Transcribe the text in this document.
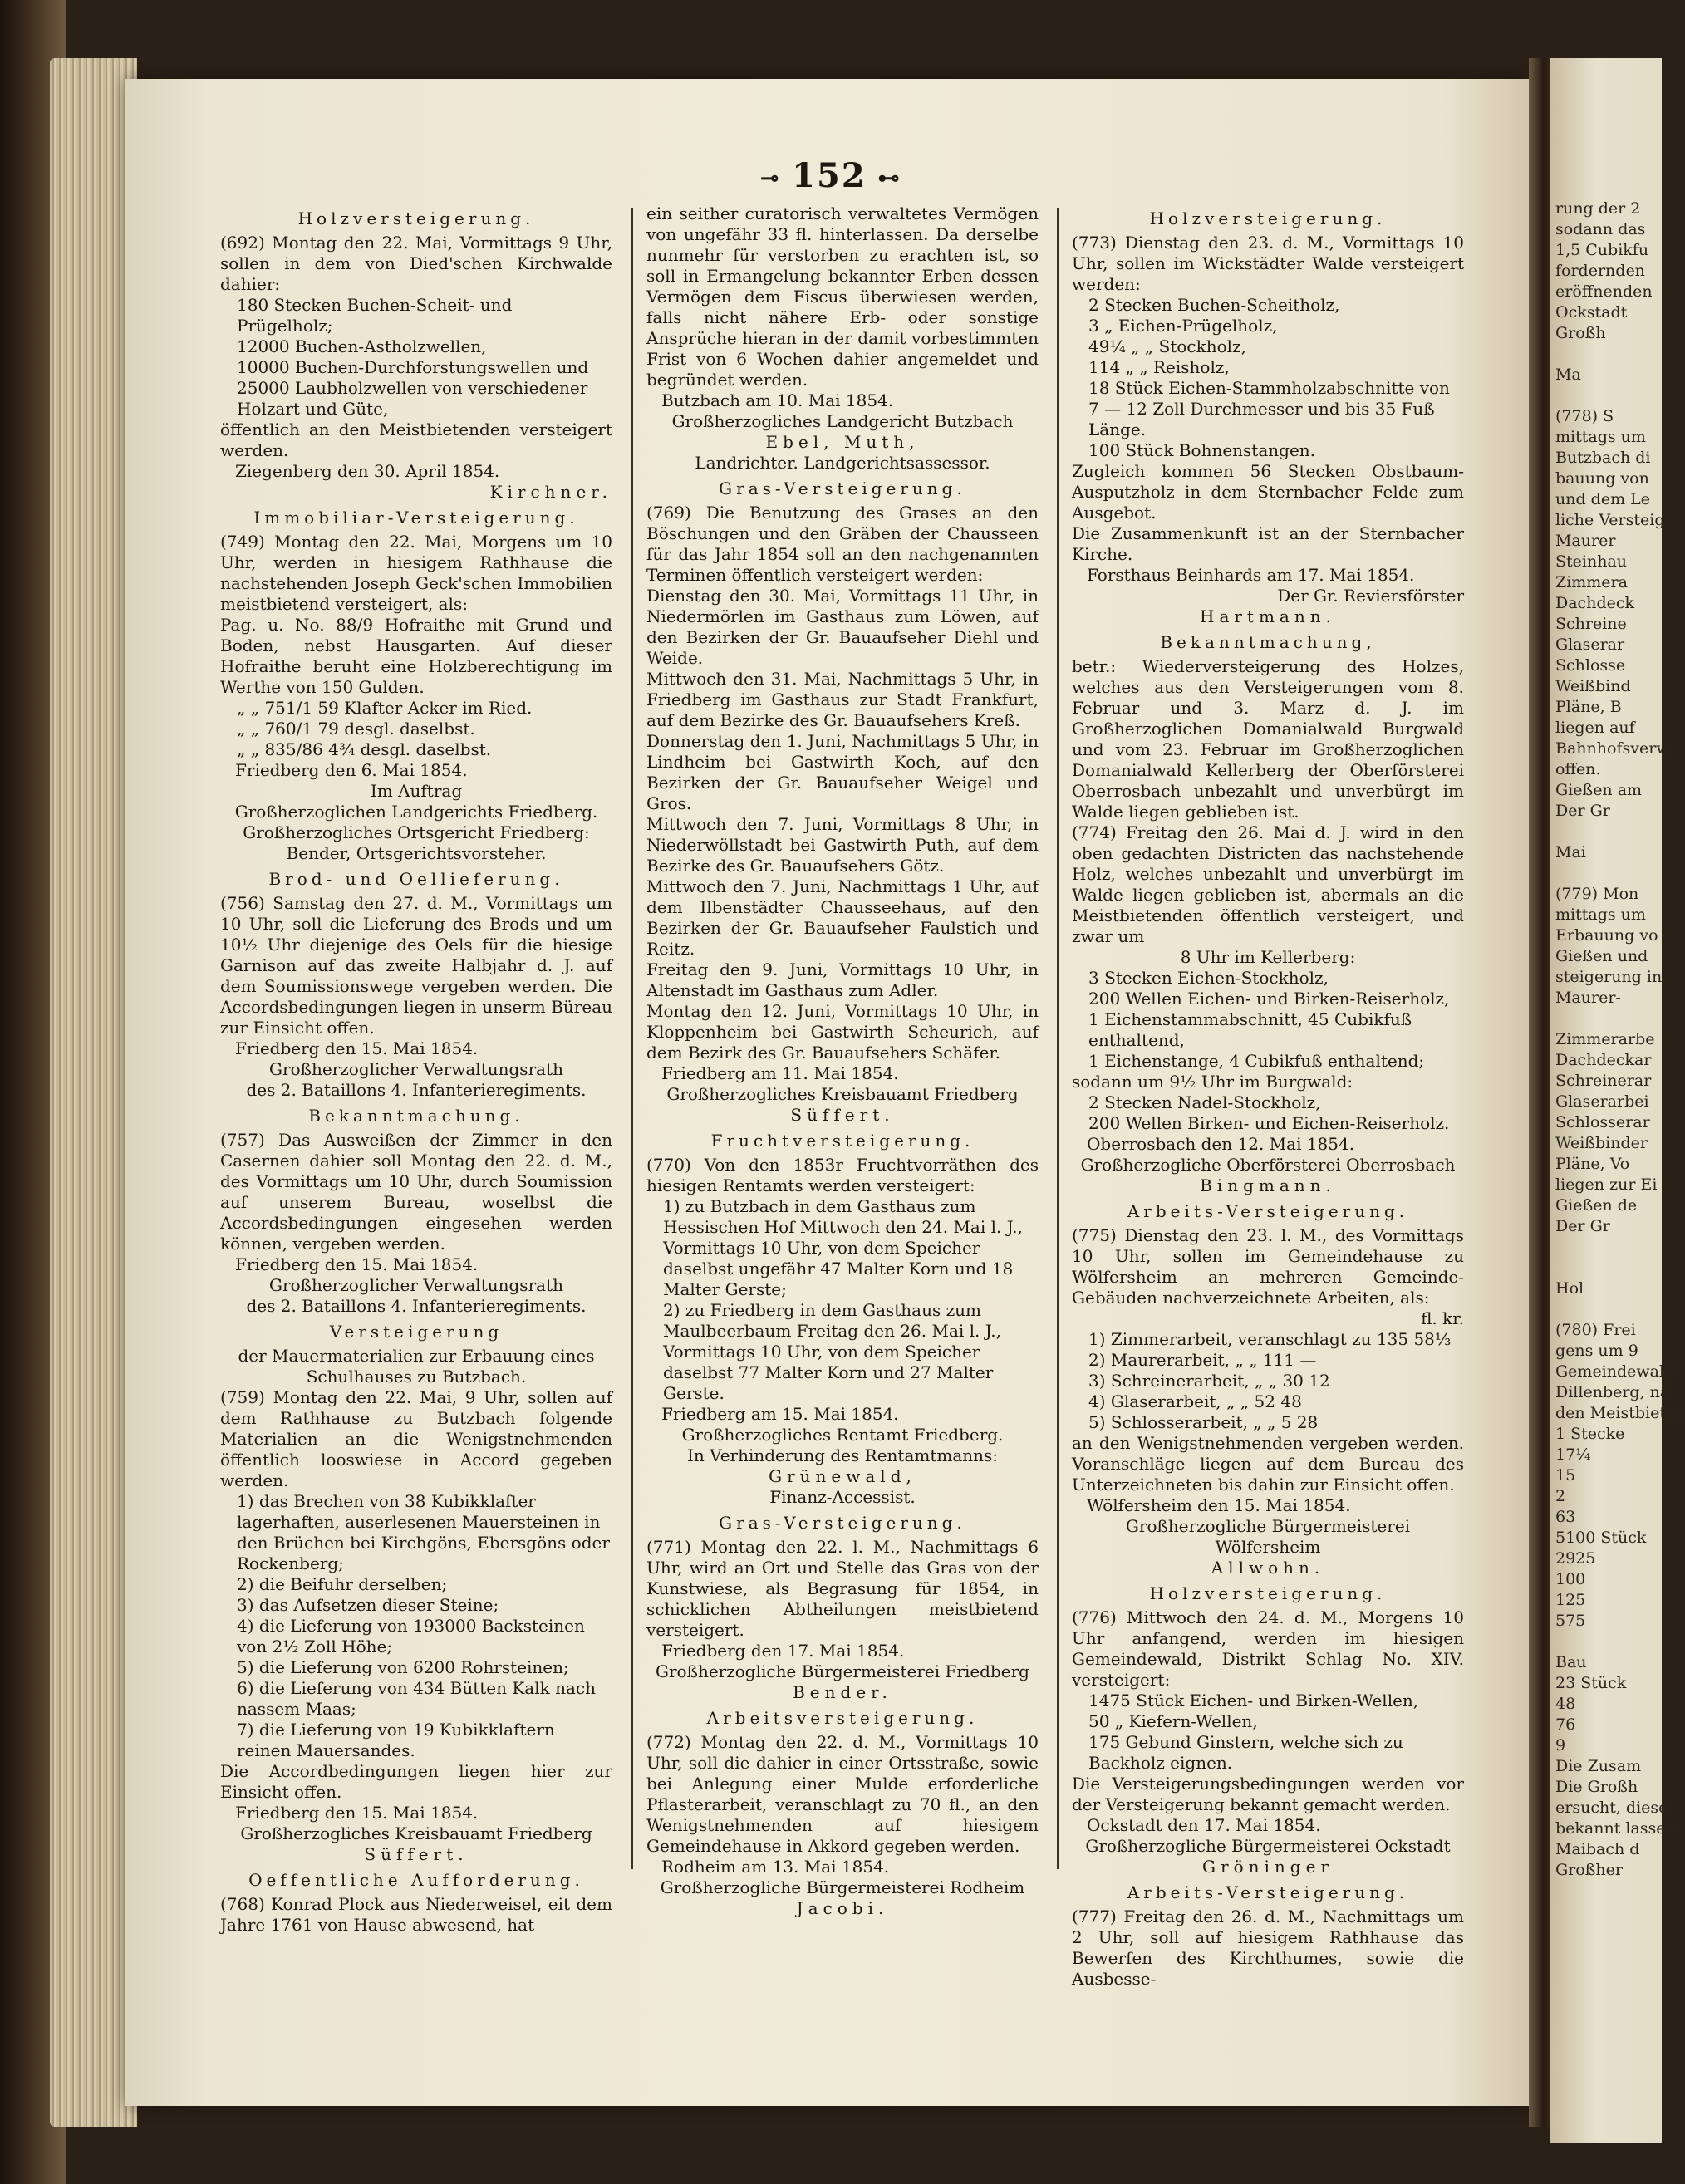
rung der 2
sodann das
1,5 Cubikfu
fordernden
eröffnenden
Ockstadt
Großh
Ma
(778) S
mittags um
Butzbach di
bauung von
und dem Le
liche Versteig
Maurer
Steinhau
Zimmera
Dachdeck
Schreine
Glaserar
Schlosse
Weißbind
Pläne, B
liegen auf
Bahnhofsverw
offen.
Gießen am
Der Gr
Mai
(779) Mon
mittags um
Erbauung vo
Gießen und
steigerung in
Maurer-
Zimmerarbe
Dachdeckar
Schreinerar
Glaserarbei
Schlosserar
Weißbinder
Pläne, Vo
liegen zur Ei
Gießen de
Der Gr
Hol
(780) Frei
gens um 9
Gemeindewald
Dillenberg, na
den Meistbieten
1 Stecke
17¼
15
2
63
5100 Stück
2925
100
125
575
Bau
23 Stück
48
76
9
Die Zusam
Die Großh
ersucht, diese
bekannt lassen
Maibach d
Großher
⊸ 152 ⊷
Holzversteigerung.

(692) Montag den 22. Mai, Vormittags 9 Uhr, sollen in dem von Died'schen Kirchwalde dahier:

180 Stecken Buchen-Scheit- und Prügelholz;

12000 Buchen-Astholzwellen,

10000 Buchen-Durchforstungswellen und

25000 Laubholzwellen von verschiedener Holzart und Güte,

öffentlich an den Meistbietenden versteigert werden.

Ziegenberg den 30. April 1854.

Kirchner.

Immobiliar-Versteigerung.

(749) Montag den 22. Mai, Morgens um 10 Uhr, werden in hiesigem Rathhause die nachstehenden Joseph Geck'schen Immobilien meistbietend versteigert, als:

Pag. u. No. 88/9 Hofraithe mit Grund und Boden, nebst Hausgarten. Auf dieser Hofraithe beruht eine Holzberechtigung im Werthe von 150 Gulden.

„ „ 751/1 59 Klafter Acker im Ried.

„ „ 760/1 79 desgl. daselbst.

„ „ 835/86 4¾ desgl. daselbst.

Friedberg den 6. Mai 1854.

Im Auftrag

Großherzoglichen Landgerichts Friedberg.

Großherzogliches Ortsgericht Friedberg:

Bender, Ortsgerichtsvorsteher.

Brod- und Oellieferung.

(756) Samstag den 27. d. M., Vormittags um 10 Uhr, soll die Lieferung des Brods und um 10½ Uhr diejenige des Oels für die hiesige Garnison auf das zweite Halbjahr d. J. auf dem Soumissionswege vergeben werden. Die Accordsbedingungen liegen in unserm Büreau zur Einsicht offen.

Friedberg den 15. Mai 1854.

Großherzoglicher Verwaltungsrath

des 2. Bataillons 4. Infanterieregiments.

Bekanntmachung.

(757) Das Ausweißen der Zimmer in den Casernen dahier soll Montag den 22. d. M., des Vormittags um 10 Uhr, durch Soumission auf unserem Bureau, woselbst die Accordsbedingungen eingesehen werden können, vergeben werden.

Friedberg den 15. Mai 1854.

Großherzoglicher Verwaltungsrath

des 2. Bataillons 4. Infanterieregiments.

Versteigerung

der Mauermaterialien zur Erbauung eines Schulhauses zu Butzbach.

(759) Montag den 22. Mai, 9 Uhr, sollen auf dem Rathhause zu Butzbach folgende Materialien an die Wenigstnehmenden öffentlich looswiese in Accord gegeben werden.

1) das Brechen von 38 Kubikklafter lagerhaften, auserlesenen Mauersteinen in den Brüchen bei Kirchgöns, Ebersgöns oder Rockenberg;

2) die Beifuhr derselben;

3) das Aufsetzen dieser Steine;

4) die Lieferung von 193000 Backsteinen von 2½ Zoll Höhe;

5) die Lieferung von 6200 Rohrsteinen;

6) die Lieferung von 434 Bütten Kalk nach nassem Maas;

7) die Lieferung von 19 Kubikklaftern reinen Mauersandes.

Die Accordbedingungen liegen hier zur Einsicht offen.

Friedberg den 15. Mai 1854.

Großherzogliches Kreisbauamt Friedberg

Süffert.

Oeffentliche Aufforderung.

(768) Konrad Plock aus Niederweisel, eit dem Jahre 1761 von Hause abwesend, hat

ein seither curatorisch verwaltetes Vermögen von ungefähr 33 fl. hinterlassen. Da derselbe nunmehr für verstorben zu erachten ist, so soll in Ermangelung bekannter Erben dessen Vermögen dem Fiscus überwiesen werden, falls nicht nähere Erb- oder sonstige Ansprüche hieran in der damit vorbestimmten Frist von 6 Wochen dahier angemeldet und begründet werden.

Butzbach am 10. Mai 1854.

Großherzogliches Landgericht Butzbach

Ebel, Muth,

Landrichter. Landgerichtsassessor.

Gras-Versteigerung.

(769) Die Benutzung des Grases an den Böschungen und den Gräben der Chausseen für das Jahr 1854 soll an den nachgenannten Terminen öffentlich versteigert werden:

Dienstag den 30. Mai, Vormittags 11 Uhr, in Niedermörlen im Gasthaus zum Löwen, auf den Bezirken der Gr. Bauaufseher Diehl und Weide.

Mittwoch den 31. Mai, Nachmittags 5 Uhr, in Friedberg im Gasthaus zur Stadt Frankfurt, auf dem Bezirke des Gr. Bauaufsehers Kreß.

Donnerstag den 1. Juni, Nachmittags 5 Uhr, in Lindheim bei Gastwirth Koch, auf den Bezirken der Gr. Bauaufseher Weigel und Gros.

Mittwoch den 7. Juni, Vormittags 8 Uhr, in Niederwöllstadt bei Gastwirth Puth, auf dem Bezirke des Gr. Bauaufsehers Götz.

Mittwoch den 7. Juni, Nachmittags 1 Uhr, auf dem Ilbenstädter Chausseehaus, auf den Bezirken der Gr. Bauaufseher Faulstich und Reitz.

Freitag den 9. Juni, Vormittags 10 Uhr, in Altenstadt im Gasthaus zum Adler.

Montag den 12. Juni, Vormittags 10 Uhr, in Kloppenheim bei Gastwirth Scheurich, auf dem Bezirk des Gr. Bauaufsehers Schäfer.

Friedberg am 11. Mai 1854.

Großherzogliches Kreisbauamt Friedberg

Süffert.

Fruchtversteigerung.

(770) Von den 1853r Fruchtvorräthen des hiesigen Rentamts werden versteigert:

1) zu Butzbach in dem Gasthaus zum Hessischen Hof Mittwoch den 24. Mai l. J., Vormittags 10 Uhr, von dem Speicher daselbst ungefähr 47 Malter Korn und 18 Malter Gerste;

2) zu Friedberg in dem Gasthaus zum Maulbeerbaum Freitag den 26. Mai l. J., Vormittags 10 Uhr, von dem Speicher daselbst 77 Malter Korn und 27 Malter Gerste.

Friedberg am 15. Mai 1854.

Großherzogliches Rentamt Friedberg.

In Verhinderung des Rentamtmanns:

Grünewald,

Finanz-Accessist.

Gras-Versteigerung.

(771) Montag den 22. l. M., Nachmittags 6 Uhr, wird an Ort und Stelle das Gras von der Kunstwiese, als Begrasung für 1854, in schicklichen Abtheilungen meistbietend versteigert.

Friedberg den 17. Mai 1854.

Großherzogliche Bürgermeisterei Friedberg

Bender.

Arbeitsversteigerung.

(772) Montag den 22. d. M., Vormittags 10 Uhr, soll die dahier in einer Ortsstraße, sowie bei Anlegung einer Mulde erforderliche Pflasterarbeit, veranschlagt zu 70 fl., an den Wenigstnehmenden auf hiesigem Gemeindehause in Akkord gegeben werden.

Rodheim am 13. Mai 1854.

Großherzogliche Bürgermeisterei Rodheim

Jacobi.

Holzversteigerung.

(773) Dienstag den 23. d. M., Vormittags 10 Uhr, sollen im Wickstädter Walde versteigert werden:

2 Stecken Buchen-Scheitholz,

3 „ Eichen-Prügelholz,

49¼ „ „ Stockholz,

114 „ „ Reisholz,

18 Stück Eichen-Stammholzabschnitte von 7 — 12 Zoll Durchmesser und bis 35 Fuß Länge.

100 Stück Bohnenstangen.

Zugleich kommen 56 Stecken Obstbaum-Ausputzholz in dem Sternbacher Felde zum Ausgebot.

Die Zusammenkunft ist an der Sternbacher Kirche.

Forsthaus Beinhards am 17. Mai 1854.

Der Gr. Reviersförster

Hartmann.

Bekanntmachung,

betr.: Wiederversteigerung des Holzes, welches aus den Versteigerungen vom 8. Februar und 3. Marz d. J. im Großherzoglichen Domanialwald Burgwald und vom 23. Februar im Großherzoglichen Domanialwald Kellerberg der Oberförsterei Oberrosbach unbezahlt und unverbürgt im Walde liegen geblieben ist.

(774) Freitag den 26. Mai d. J. wird in den oben gedachten Districten das nachstehende Holz, welches unbezahlt und unverbürgt im Walde liegen geblieben ist, abermals an die Meistbietenden öffentlich versteigert, und zwar um

8 Uhr im Kellerberg:

3 Stecken Eichen-Stockholz,

200 Wellen Eichen- und Birken-Reiserholz,

1 Eichenstammabschnitt, 45 Cubikfuß enthaltend,

1 Eichenstange, 4 Cubikfuß enthaltend;

sodann um 9½ Uhr im Burgwald:

2 Stecken Nadel-Stockholz,

200 Wellen Birken- und Eichen-Reiserholz.

Oberrosbach den 12. Mai 1854.

Großherzogliche Oberförsterei Oberrosbach

Bingmann.

Arbeits-Versteigerung.

(775) Dienstag den 23. l. M., des Vormittags 10 Uhr, sollen im Gemeindehause zu Wölfersheim an mehreren Gemeinde-Gebäuden nachverzeichnete Arbeiten, als:

fl. kr.

1) Zimmerarbeit, veranschlagt zu 135 58⅓

2) Maurerarbeit, „ „ 111 —

3) Schreinerarbeit, „ „ 30 12

4) Glaserarbeit, „ „ 52 48

5) Schlosserarbeit, „ „ 5 28

an den Wenigstnehmenden vergeben werden. Voranschläge liegen auf dem Bureau des Unterzeichneten bis dahin zur Einsicht offen.

Wölfersheim den 15. Mai 1854.

Großherzogliche Bürgermeisterei Wölfersheim

Allwohn.

Holzversteigerung.

(776) Mittwoch den 24. d. M., Morgens 10 Uhr anfangend, werden im hiesigen Gemeindewald, Distrikt Schlag No. XIV. versteigert:

1475 Stück Eichen- und Birken-Wellen,

50 „ Kiefern-Wellen,

175 Gebund Ginstern, welche sich zu Backholz eignen.

Die Versteigerungsbedingungen werden vor der Versteigerung bekannt gemacht werden.

Ockstadt den 17. Mai 1854.

Großherzogliche Bürgermeisterei Ockstadt

Gröninger

Arbeits-Versteigerung.

(777) Freitag den 26. d. M., Nachmittags um 2 Uhr, soll auf hiesigem Rathhause das Bewerfen des Kirchthumes, sowie die Ausbesse-
